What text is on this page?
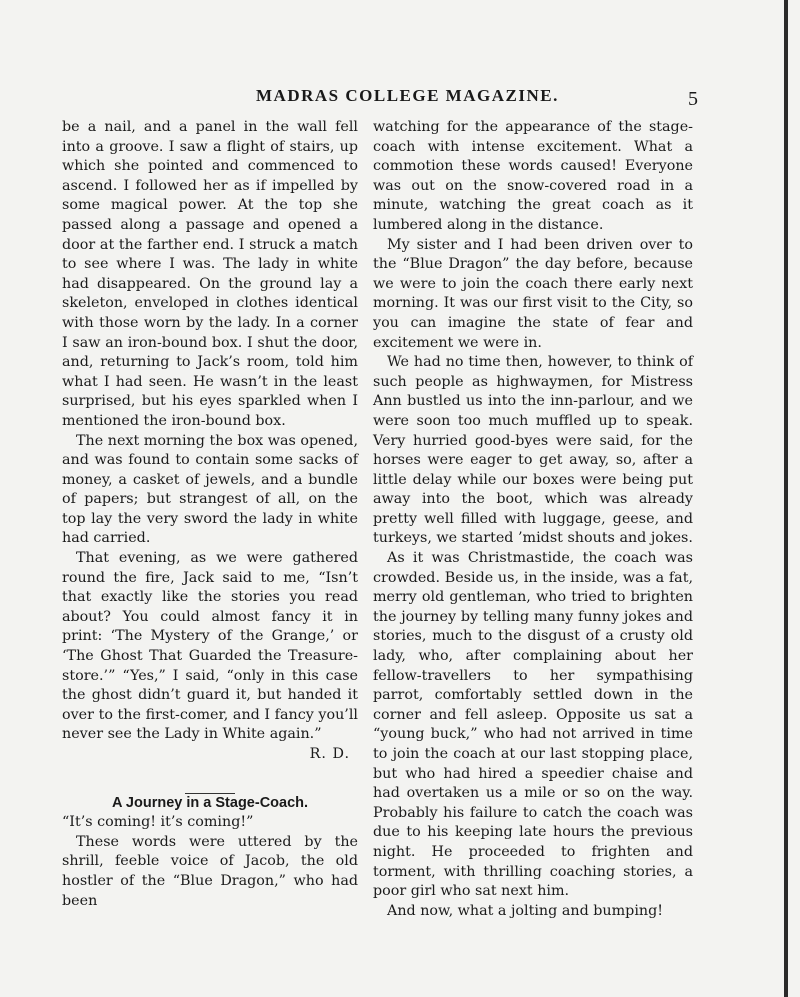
MADRAS COLLEGE MAGAZINE.	5

be a nail, and a panel in the wall fell into a groove. I saw a flight of stairs, up which she pointed and commenced to ascend. I followed her as if impelled by some magical power. At the top she passed along a passage and opened a door at the farther end. I struck a match to see where I was. The lady in white had disappeared. On the ground lay a skeleton, enveloped in clothes identical with those worn by the lady. In a corner I saw an iron-bound box. I shut the door, and, returning to Jack’s room, told him what I had seen. He wasn’t in the least surprised, but his eyes sparkled when I mentioned the iron-bound box.

The next morning the box was opened, and was found to contain some sacks of money, a casket of jewels, and a bundle of papers; but strangest of all, on the top lay the very sword the lady in white had carried.

That evening, as we were gathered round the fire, Jack said to me, “Isn’t that exactly like the stories you read about? You could almost fancy it in print: ‘The Mystery of the Grange,’ or ‘The Ghost That Guarded the Treasure-store.’” “Yes,” I said, “only in this case the ghost didn’t guard it, but handed it over to the first-comer, and I fancy you’ll never see the Lady in White again.”

R. D.

A Journey in a Stage-Coach.

“It’s coming! it’s coming!”

These words were uttered by the shrill, feeble voice of Jacob, the old hostler of the “Blue Dragon,” who had been

watching for the appearance of the stage-coach with intense excitement. What a commotion these words caused! Everyone was out on the snow-covered road in a minute, watching the great coach as it lumbered along in the distance.

My sister and I had been driven over to the “Blue Dragon” the day before, because we were to join the coach there early next morning. It was our first visit to the City, so you can imagine the state of fear and excitement we were in.

We had no time then, however, to think of such people as highwaymen, for Mistress Ann bustled us into the inn-parlour, and we were soon too much muffled up to speak. Very hurried good-byes were said, for the horses were eager to get away, so, after a little delay while our boxes were being put away into the boot, which was already pretty well filled with luggage, geese, and turkeys, we started ’midst shouts and jokes.

As it was Christmastide, the coach was crowded. Beside us, in the inside, was a fat, merry old gentleman, who tried to brighten the journey by telling many funny jokes and stories, much to the disgust of a crusty old lady, who, after complaining about her fellow-travellers to her sympathising parrot, comfortably settled down in the corner and fell asleep. Opposite us sat a “young buck,” who had not arrived in time to join the coach at our last stopping place, but who had hired a speedier chaise and had overtaken us a mile or so on the way. Probably his failure to catch the coach was due to his keeping late hours the previous night. He proceeded to frighten and torment, with thrilling coaching stories, a poor girl who sat next him.

And now, what a jolting and bumping!
